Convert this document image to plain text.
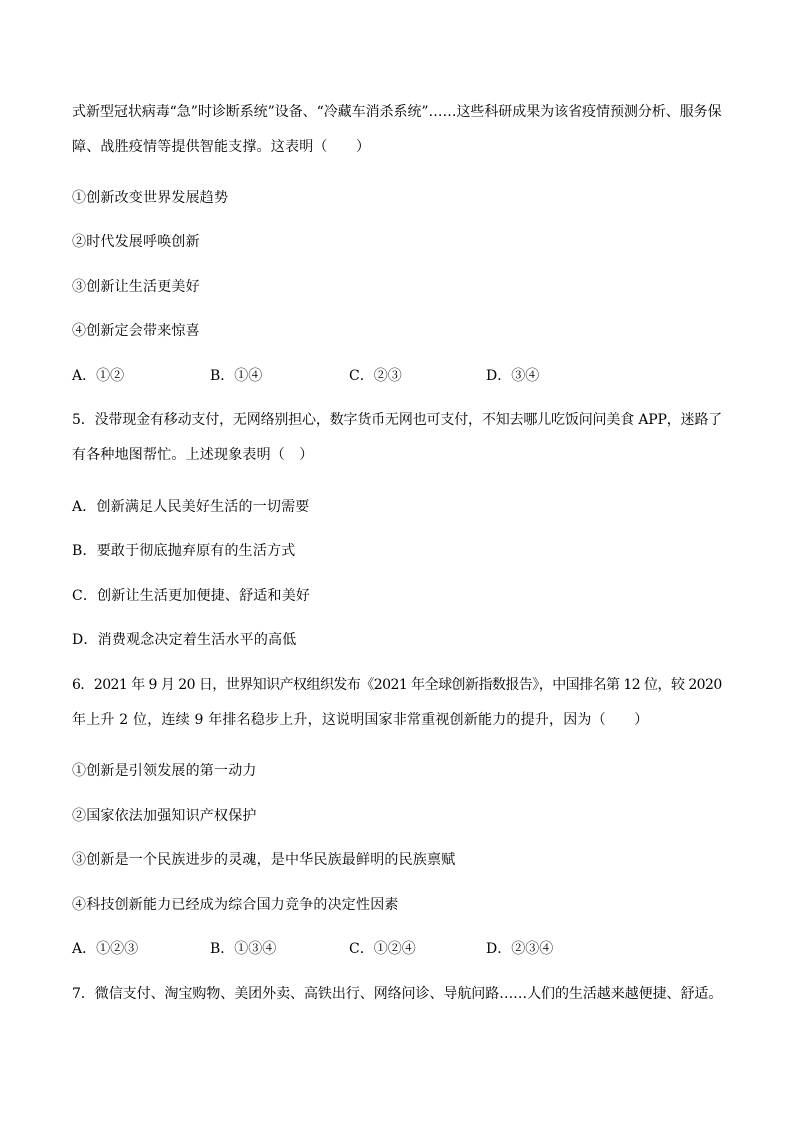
式新型冠状病毒“急”时诊断系统”设备、“冷藏车消杀系统”……这些科研成果为该省疫情预测分析、服务保
障、战胜疫情等提供智能支撑。这表明（　　）
①创新改变世界发展趋势
②时代发展呼唤创新
③创新让生活更美好
④创新定会带来惊喜
A．①②	B．①④	C．②③	D．③④
5．没带现金有移动支付，无网络别担心，数字货币无网也可支付，不知去哪儿吃饭问问美食 APP，迷路了
有各种地图帮忙。上述现象表明（　）
A．创新满足人民美好生活的一切需要
B．要敢于彻底抛弃原有的生活方式
C．创新让生活更加便捷、舒适和美好
D．消费观念决定着生活水平的高低
6．2021 年 9 月 20 日，世界知识产权组织发布《2021 年全球创新指数报告》，中国排名第 12 位，较 2020
年上升 2 位，连续 9 年排名稳步上升，这说明国家非常重视创新能力的提升，因为（　　）
①创新是引领发展的第一动力
②国家依法加强知识产权保护
③创新是一个民族进步的灵魂，是中华民族最鲜明的民族禀赋
④科技创新能力已经成为综合国力竞争的决定性因素
A．①②③	B．①③④	C．①②④	D．②③④
7．微信支付、淘宝购物、美团外卖、高铁出行、网络问诊、导航问路……人们的生活越来越便捷、舒适。
